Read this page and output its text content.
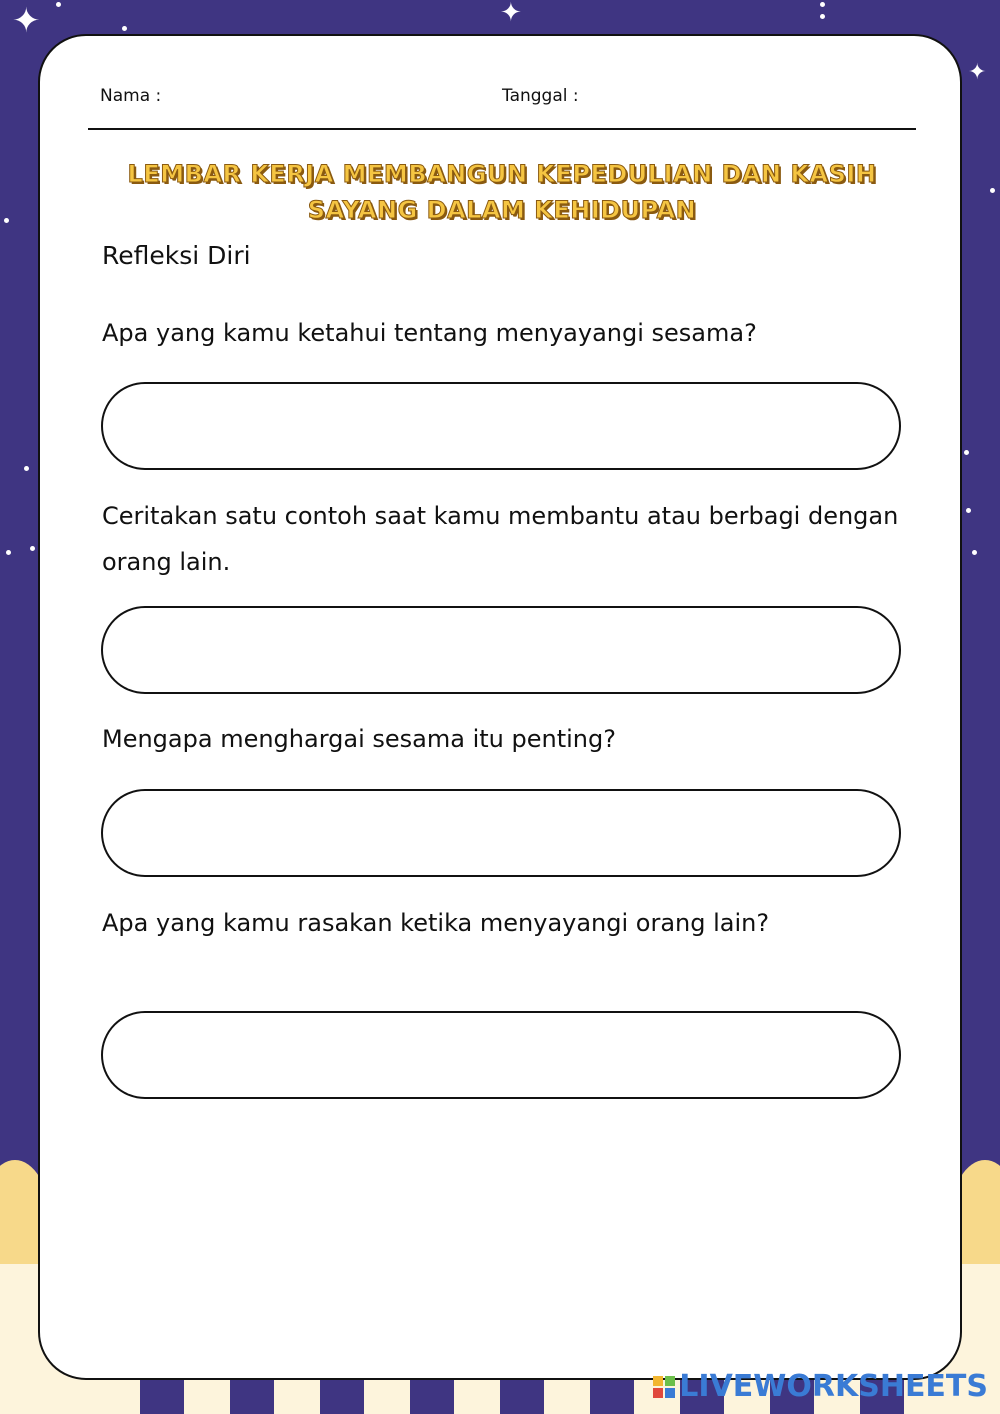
✦	✦
✦
Nama :	Tanggal :
LEMBAR KERJA MEMBANGUN KEPEDULIAN DAN KASIH SAYANG DALAM KEHIDUPAN
Refleksi Diri
Apa yang kamu ketahui tentang menyayangi sesama?
Ceritakan satu contoh saat kamu membantu atau berbagi dengan orang lain.
Mengapa menghargai sesama itu penting?
Apa yang kamu rasakan ketika menyayangi orang lain?
LIVEWORKSHEETS
